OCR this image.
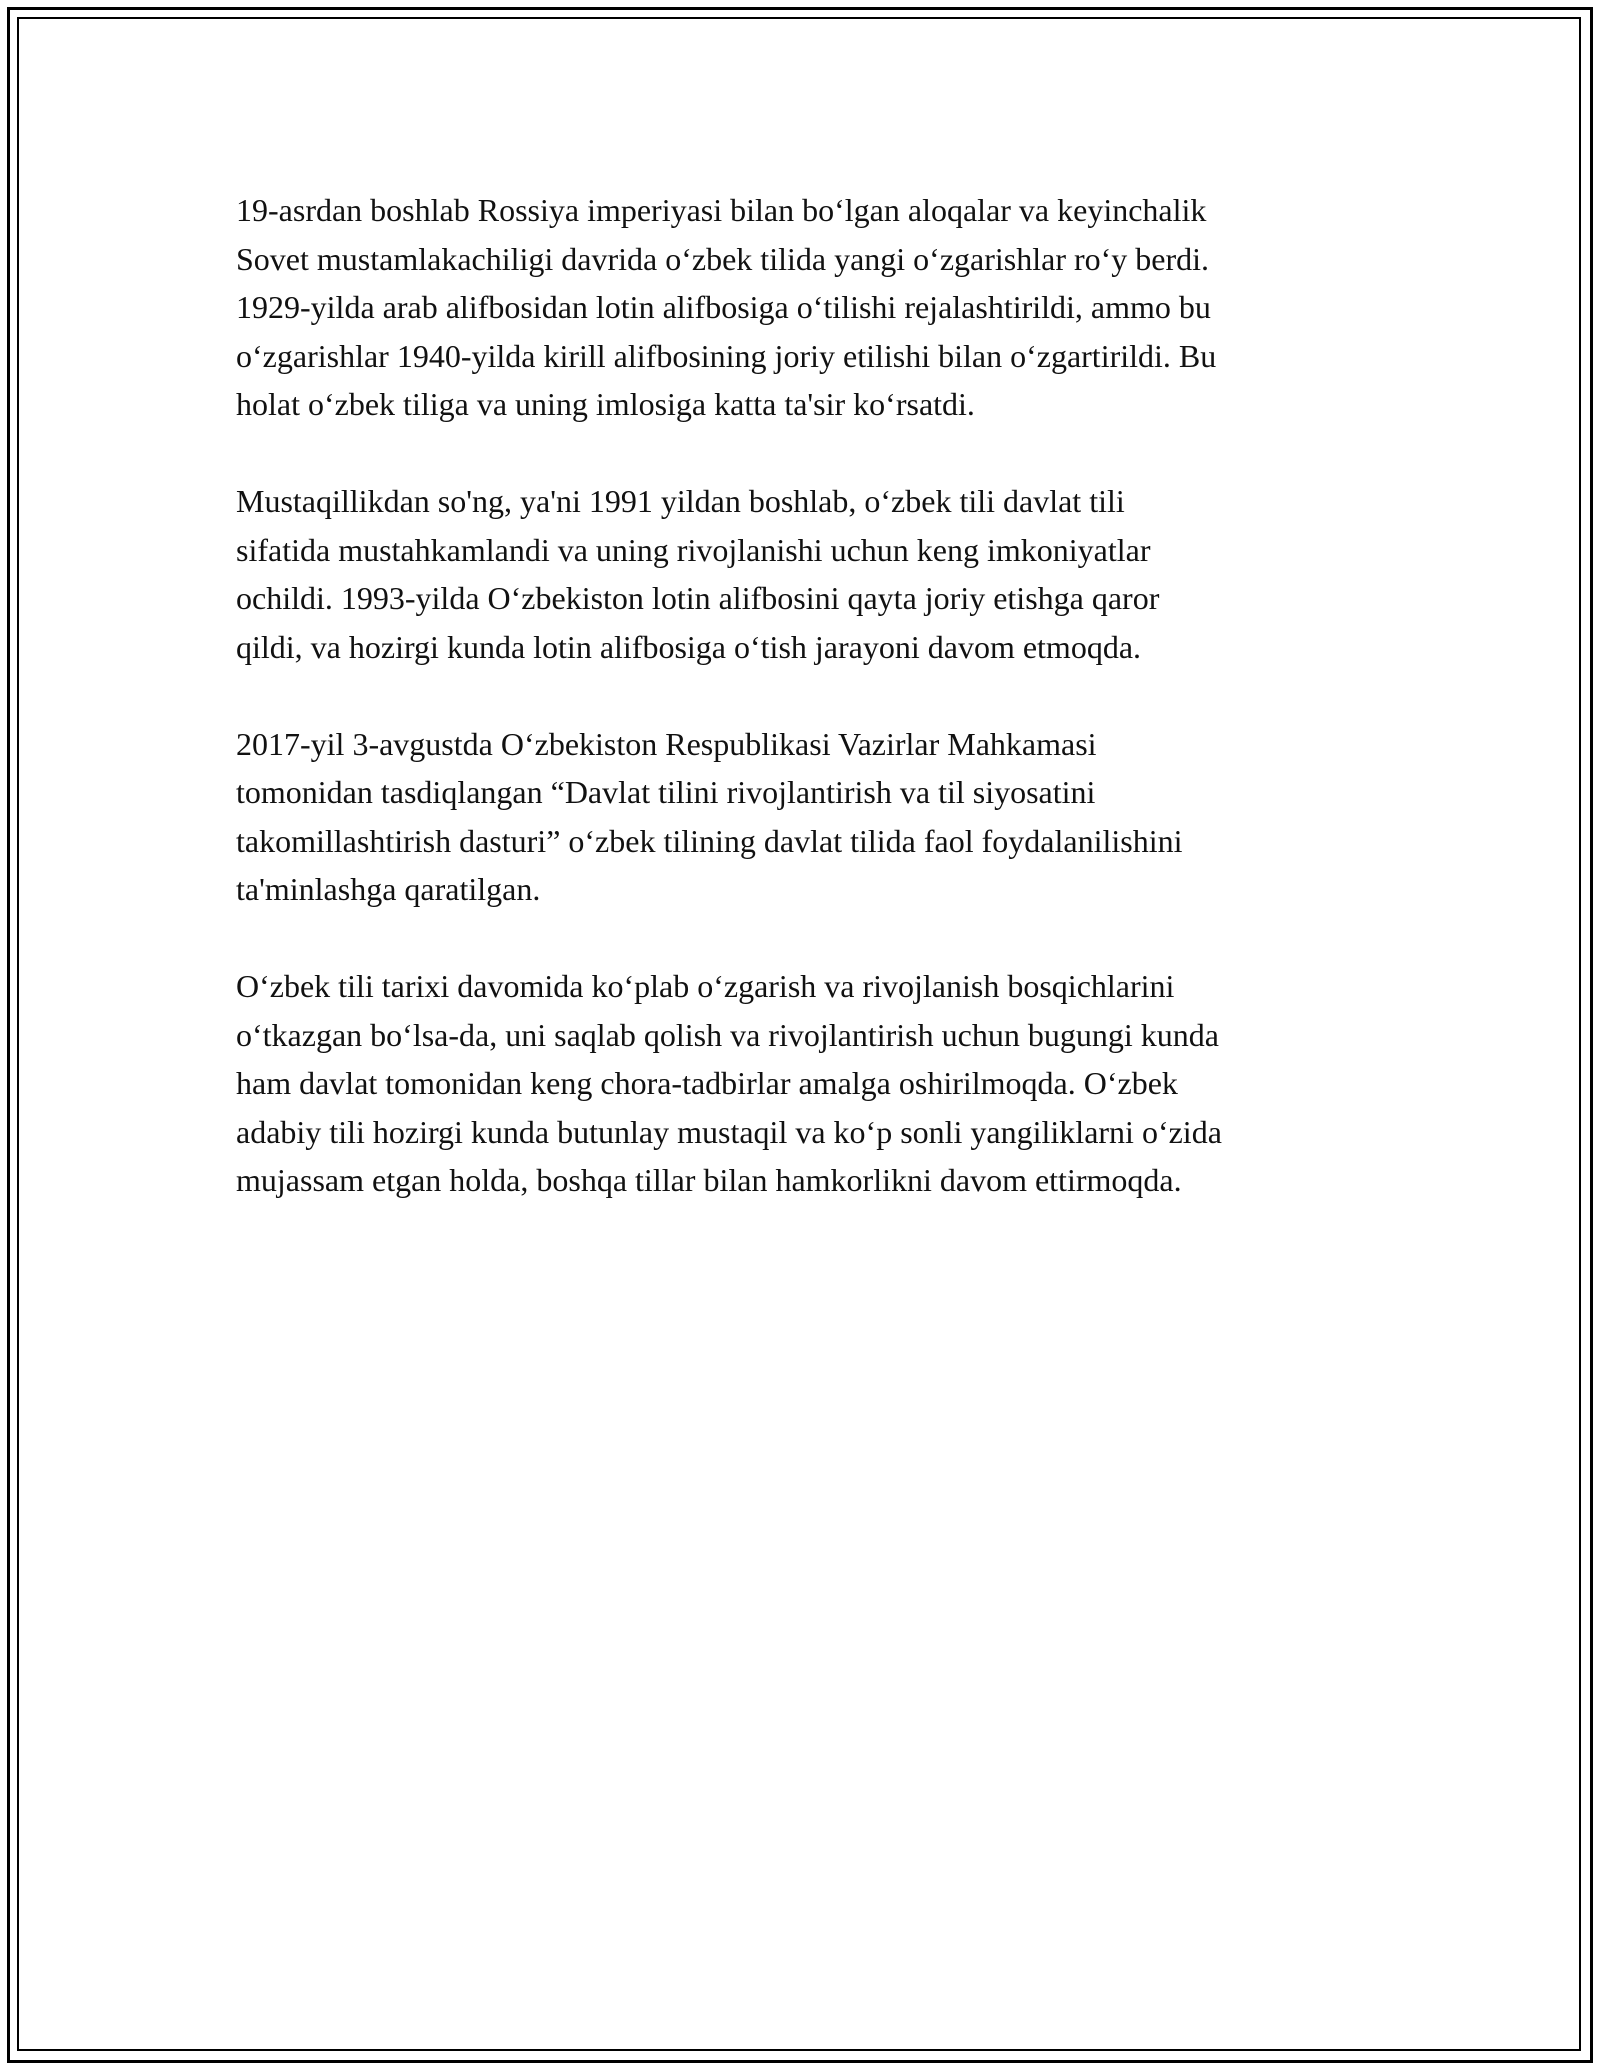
19-asrdan boshlab Rossiya imperiyasi bilan bo‘lgan aloqalar va keyinchalik
Sovet mustamlakachiligi davrida o‘zbek tilida yangi o‘zgarishlar ro‘y berdi.
1929-yilda arab alifbosidan lotin alifbosiga o‘tilishi rejalashtirildi, ammo bu
o‘zgarishlar 1940-yilda kirill alifbosining joriy etilishi bilan o‘zgartirildi. Bu
holat o‘zbek tiliga va uning imlosiga katta ta'sir ko‘rsatdi.

Mustaqillikdan so'ng, ya'ni 1991 yildan boshlab, o‘zbek tili davlat tili
sifatida mustahkamlandi va uning rivojlanishi uchun keng imkoniyatlar
ochildi. 1993-yilda O‘zbekiston lotin alifbosini qayta joriy etishga qaror
qildi, va hozirgi kunda lotin alifbosiga o‘tish jarayoni davom etmoqda.

2017-yil 3-avgustda O‘zbekiston Respublikasi Vazirlar Mahkamasi
tomonidan tasdiqlangan “Davlat tilini rivojlantirish va til siyosatini
takomillashtirish dasturi” o‘zbek tilining davlat tilida faol foydalanilishini
ta'minlashga qaratilgan.

O‘zbek tili tarixi davomida ko‘plab o‘zgarish va rivojlanish bosqichlarini
o‘tkazgan bo‘lsa-da, uni saqlab qolish va rivojlantirish uchun bugungi kunda
ham davlat tomonidan keng chora-tadbirlar amalga oshirilmoqda. O‘zbek
adabiy tili hozirgi kunda butunlay mustaqil va ko‘p sonli yangiliklarni o‘zida
mujassam etgan holda, boshqa tillar bilan hamkorlikni davom ettirmoqda.
